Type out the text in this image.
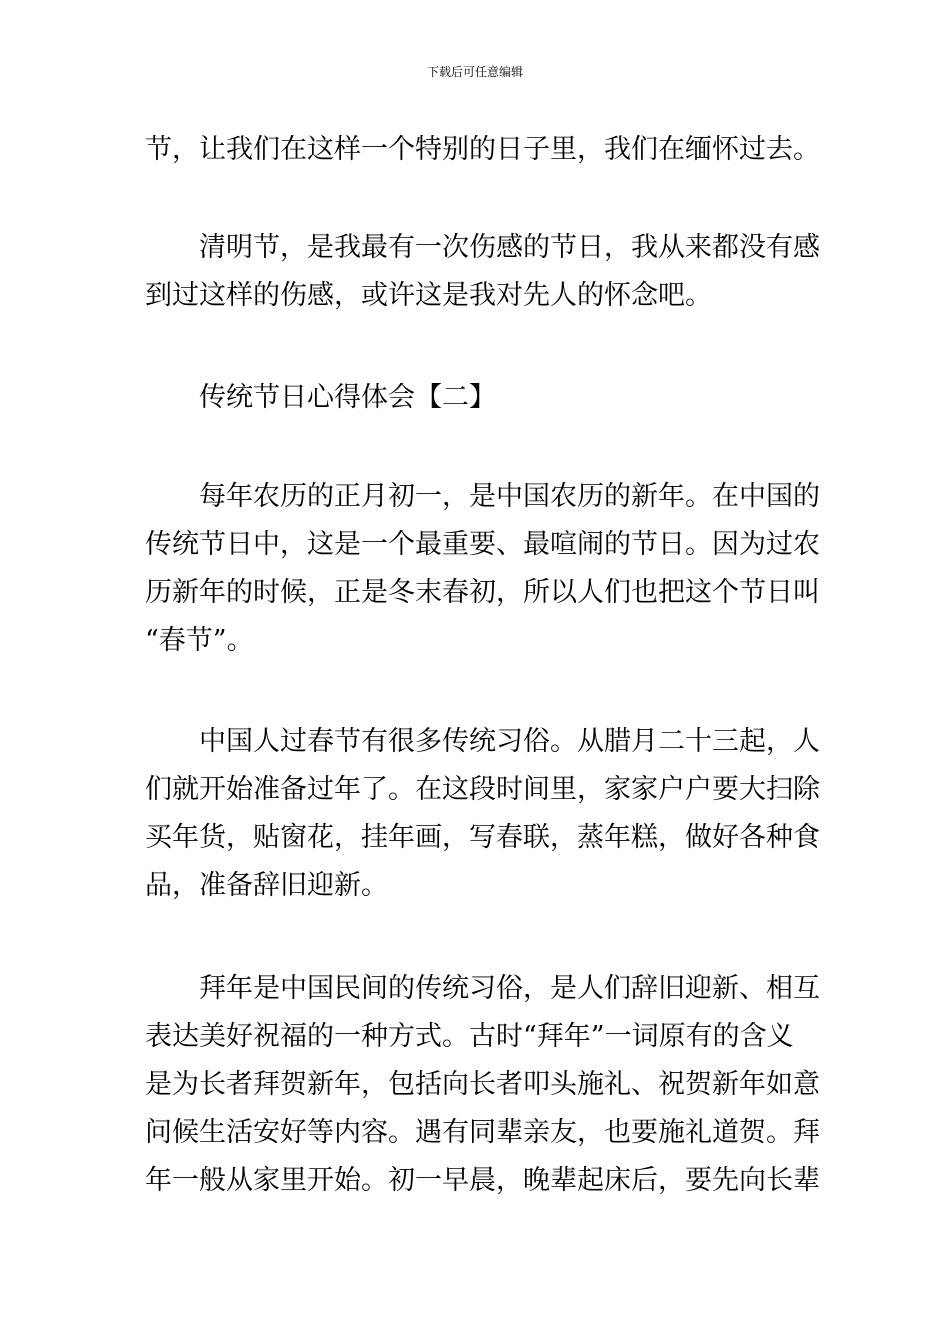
下载后可任意编辑
节，让我们在这样一个特别的日子里，我们在缅怀过去。
　　清明节，是我最有一次伤感的节日，我从来都没有感
到过这样的伤感，或许这是我对先人的怀念吧。
　　传统节日心得体会【二】
　　每年农历的正月初一，是中国农历的新年。在中国的
传统节日中，这是一个最重要、最喧闹的节日。因为过农
历新年的时候，正是冬末春初，所以人们也把这个节日叫
“春节”。
　　中国人过春节有很多传统习俗。从腊月二十三起，人
们就开始准备过年了。在这段时间里，家家户户要大扫除
买年货，贴窗花，挂年画，写春联，蒸年糕，做好各种食
品，准备辞旧迎新。
　　拜年是中国民间的传统习俗，是人们辞旧迎新、相互
表达美好祝福的一种方式。古时“拜年”一词原有的含义
是为长者拜贺新年，包括向长者叩头施礼、祝贺新年如意
问候生活安好等内容。遇有同辈亲友，也要施礼道贺。拜
年一般从家里开始。初一早晨，晚辈起床后，要先向长辈
